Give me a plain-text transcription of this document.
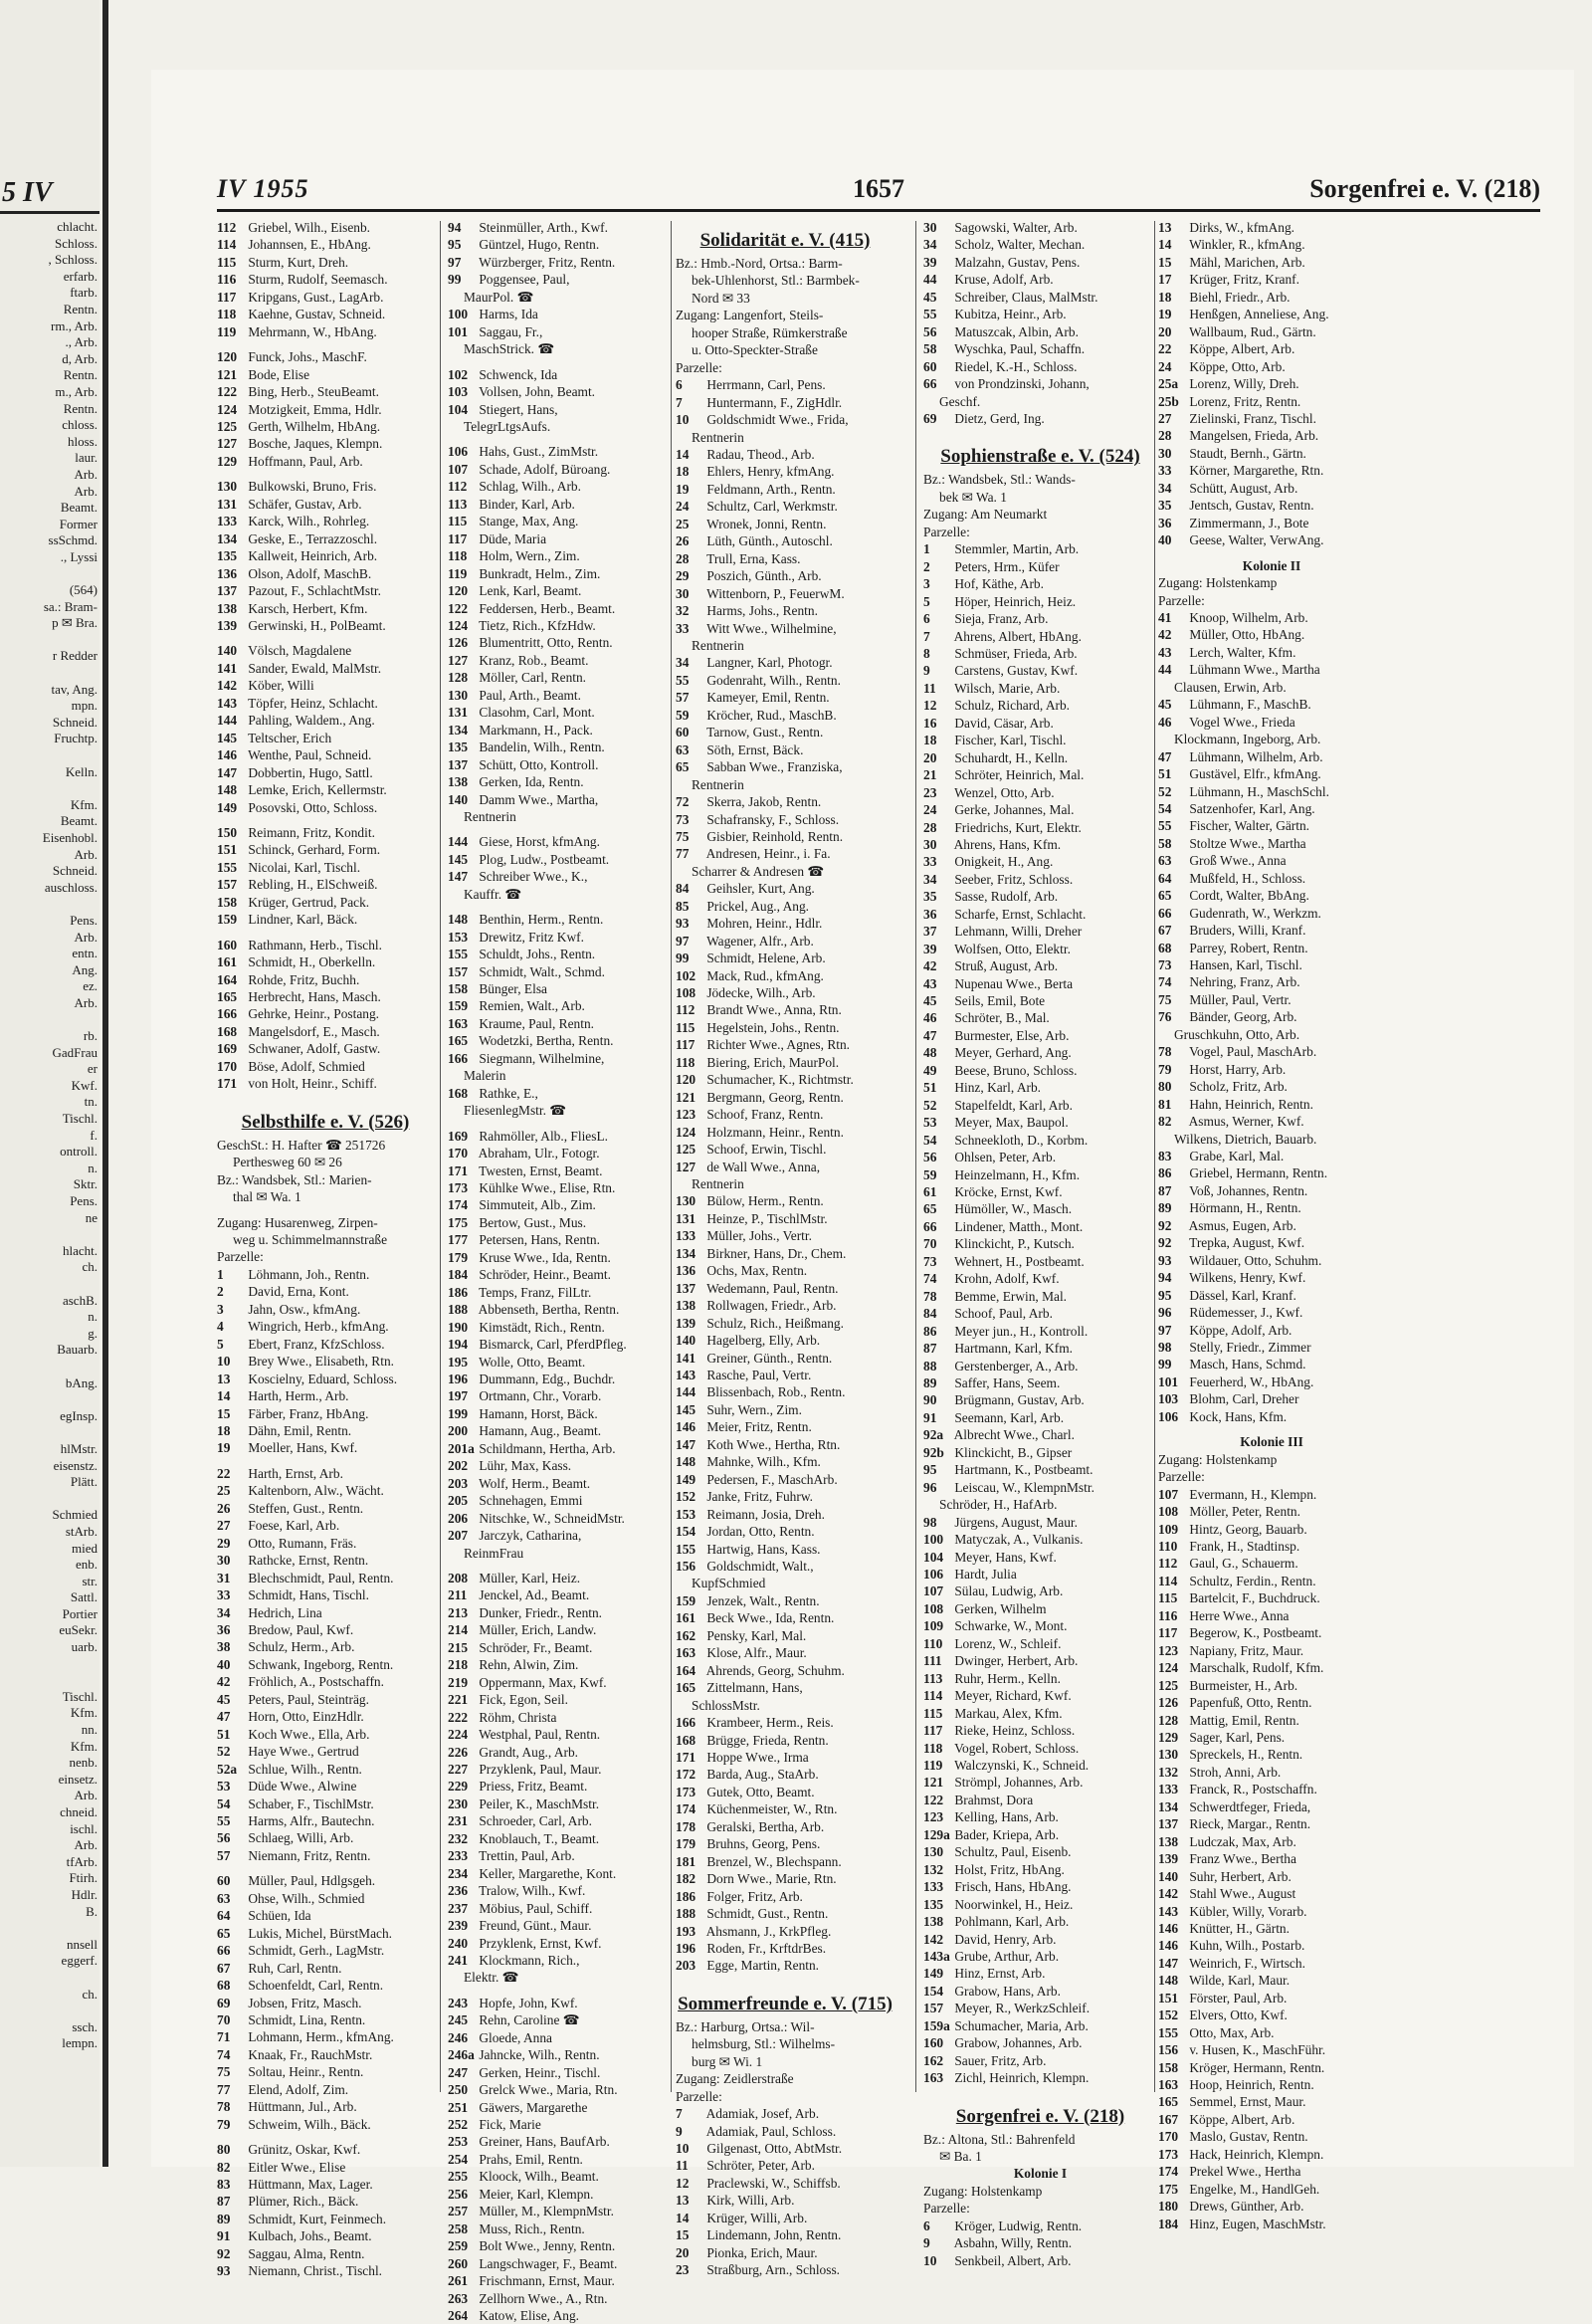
5 IV
chlacht.
Schloss.
, Schloss.
erfarb.
ftarb.
Rentn.
rm., Arb.
., Arb.
d, Arb.
Rentn.
m., Arb.
Rentn.
chloss.
hloss.
laur.
Arb.
Arb.
Beamt.
Former
ssSchmd.
., Lyssi

(564)
sa.: Bram-
p ✉ Bra.

r Redder

tav, Ang.
mpn.
Schneid.
Fruchtp.

Kelln.

Kfm.
Beamt.
Eisenhobl.
Arb.
Schneid.
auschloss.

Pens.
Arb.
entn.
Ang.
ez.
Arb.

rb.
GadFrau
er
Kwf.
tn.
Tischl.
f.
ontroll.
n.
Sktr.
Pens.
ne

hlacht.
ch.

aschB.
n.
g.
Bauarb.

bAng.

egInsp.

hlMstr.
eisenstz.
Plätt.

Schmied
stArb.
mied
enb.
str.
Sattl.
Portier
euSekr.
uarb.

Tischl.
Kfm.
nn.
Kfm.
nenb.
einsetz.
Arb.
chneid.
ischl.
Arb.
tfArb.
Ftirh.
Hdlr.
B.

nnsell
eggerf.

ch.

ssch.
lempn.
IV 1955	1657	Sorgenfrei e. V. (218)
112 Griebel, Wilh., Eisenb.
114 Johannsen, E., HbAng.
115 Sturm, Kurt, Dreh.
116 Sturm, Rudolf, Seemasch.
117 Kripgans, Gust., LagArb.
118 Kaehne, Gustav, Schneid.
119 Mehrmann, W., HbAng.
120 Funck, Johs., MaschF.
121 Bode, Elise
122 Bing, Herb., SteuBeamt.
124 Motzigkeit, Emma, Hdlr.
125 Gerth, Wilhelm, HbAng.
127 Bosche, Jaques, Klempn.
129 Hoffmann, Paul, Arb.
130 Bulkowski, Bruno, Fris.
131 Schäfer, Gustav, Arb.
133 Karck, Wilh., Rohrleg.
134 Geske, E., Terrazzoschl.
135 Kallweit, Heinrich, Arb.
136 Olson, Adolf, MaschB.
137 Pazout, F., SchlachtMstr.
138 Karsch, Herbert, Kfm.
139 Gerwinski, H., PolBeamt.
140 Völsch, Magdalene
141 Sander, Ewald, MalMstr.
142 Köber, Willi
143 Töpfer, Heinz, Schlacht.
144 Pahling, Waldem., Ang.
145 Teltscher, Erich
146 Wenthe, Paul, Schneid.
147 Dobbertin, Hugo, Sattl.
148 Lemke, Erich, Kellermstr.
149 Posovski, Otto, Schloss.
150 Reimann, Fritz, Kondit.
151 Schinck, Gerhard, Form.
155 Nicolai, Karl, Tischl.
157 Rebling, H., ElSchweiß.
158 Krüger, Gertrud, Pack.
159 Lindner, Karl, Bäck.
160 Rathmann, Herb., Tischl.
161 Schmidt, H., Oberkelln.
164 Rohde, Fritz, Buchh.
165 Herbrecht, Hans, Masch.
166 Gehrke, Heinr., Postang.
168 Mangelsdorf, E., Masch.
169 Schwaner, Adolf, Gastw.
170 Böse, Adolf, Schmied
171 von Holt, Heinr., Schiff.
Selbsthilfe e. V. (526)
GeschSt.: H. Hafter ☎ 251726
Perthesweg 60 ✉ 26
Bz.: Wandsbek, Stl.: Marien-
thal ✉ Wa. 1
Zugang: Husarenweg, Zirpen-
weg u. Schimmelmannstraße
Parzelle:
1 Löhmann, Joh., Rentn.
2 David, Erna, Kont.
3 Jahn, Osw., kfmAng.
4 Wingrich, Herb., kfmAng.
5 Ebert, Franz, KfzSchloss.
10 Brey Wwe., Elisabeth, Rtn.
13 Koscielny, Eduard, Schloss.
14 Harth, Herm., Arb.
15 Färber, Franz, HbAng.
18 Dähn, Emil, Rentn.
19 Moeller, Hans, Kwf.
22 Harth, Ernst, Arb.
25 Kaltenborn, Alw., Wächt.
26 Steffen, Gust., Rentn.
27 Foese, Karl, Arb.
29 Otto, Rumann, Fräs.
30 Rathcke, Ernst, Rentn.
31 Blechschmidt, Paul, Rentn.
33 Schmidt, Hans, Tischl.
34 Hedrich, Lina
36 Bredow, Paul, Kwf.
38 Schulz, Herm., Arb.
40 Schwank, Ingeborg, Rentn.
42 Fröhlich, A., Postschaffn.
45 Peters, Paul, Steinträg.
47 Horn, Otto, EinzHdlr.
51 Koch Wwe., Ella, Arb.
52 Haye Wwe., Gertrud
52a Schlue, Wilh., Rentn.
53 Düde Wwe., Alwine
54 Schaber, F., TischlMstr.
55 Harms, Alfr., Bautechn.
56 Schlaeg, Willi, Arb.
57 Niemann, Fritz, Rentn.
60 Müller, Paul, Hdlgsgeh.
63 Ohse, Wilh., Schmied
64 Schüen, Ida
65 Lukis, Michel, BürstMach.
66 Schmidt, Gerh., LagMstr.
67 Ruh, Carl, Rentn.
68 Schoenfeldt, Carl, Rentn.
69 Jobsen, Fritz, Masch.
70 Schmidt, Lina, Rentn.
71 Lohmann, Herm., kfmAng.
74 Knaak, Fr., RauchMstr.
75 Soltau, Heinr., Rentn.
77 Elend, Adolf, Zim.
78 Hüttmann, Jul., Arb.
79 Schweim, Wilh., Bäck.
80 Grünitz, Oskar, Kwf.
82 Eitler Wwe., Elise
83 Hüttmann, Max, Lager.
87 Plümer, Rich., Bäck.
89 Schmidt, Kurt, Feinmech.
91 Kulbach, Johs., Beamt.
92 Saggau, Alma, Rentn.
93 Niemann, Christ., Tischl.
94 Steinmüller, Arth., Kwf.
95 Güntzel, Hugo, Rentn.
97 Würzberger, Fritz, Rentn.
99 Poggensee, Paul,
MaurPol. ☎
100 Harms, Ida
101 Saggau, Fr.,
MaschStrick. ☎
102 Schwenck, Ida
103 Vollsen, John, Beamt.
104 Stiegert, Hans,
TelegrLtgsAufs.
106 Hahs, Gust., ZimMstr.
107 Schade, Adolf, Büroang.
112 Schlag, Wilh., Arb.
113 Binder, Karl, Arb.
115 Stange, Max, Ang.
117 Düde, Maria
118 Holm, Wern., Zim.
119 Bunkradt, Helm., Zim.
120 Lenk, Karl, Beamt.
122 Feddersen, Herb., Beamt.
124 Tietz, Rich., KfzHdw.
126 Blumentritt, Otto, Rentn.
127 Kranz, Rob., Beamt.
128 Möller, Carl, Rentn.
130 Paul, Arth., Beamt.
131 Clasohm, Carl, Mont.
134 Markmann, H., Pack.
135 Bandelin, Wilh., Rentn.
137 Schütt, Otto, Kontroll.
138 Gerken, Ida, Rentn.
140 Damm Wwe., Martha,
Rentnerin
144 Giese, Horst, kfmAng.
145 Plog, Ludw., Postbeamt.
147 Schreiber Wwe., K.,
Kauffr. ☎
148 Benthin, Herm., Rentn.
153 Drewitz, Fritz Kwf.
155 Schuldt, Johs., Rentn.
157 Schmidt, Walt., Schmd.
158 Bünger, Elsa
159 Remien, Walt., Arb.
163 Kraume, Paul, Rentn.
165 Wodetzki, Bertha, Rentn.
166 Siegmann, Wilhelmine,
Malerin
168 Rathke, E.,
FliesenlegMstr. ☎
169 Rahmöller, Alb., FliesL.
170 Abraham, Ulr., Fotogr.
171 Twesten, Ernst, Beamt.
173 Kühlke Wwe., Elise, Rtn.
174 Simmuteit, Alb., Zim.
175 Bertow, Gust., Mus.
177 Petersen, Hans, Rentn.
179 Kruse Wwe., Ida, Rentn.
184 Schröder, Heinr., Beamt.
186 Temps, Franz, FilLtr.
188 Abbenseth, Bertha, Rentn.
190 Kimstädt, Rich., Rentn.
194 Bismarck, Carl, PferdPfleg.
195 Wolle, Otto, Beamt.
196 Dummann, Edg., Buchdr.
197 Ortmann, Chr., Vorarb.
199 Hamann, Horst, Bäck.
200 Hamann, Aug., Beamt.
201a Schildmann, Hertha, Arb.
202 Lühr, Max, Kass.
203 Wolf, Herm., Beamt.
205 Schnehagen, Emmi
206 Nitschke, W., SchneidMstr.
207 Jarczyk, Catharina,
ReinmFrau
208 Müller, Karl, Heiz.
211 Jenckel, Ad., Beamt.
213 Dunker, Friedr., Rentn.
214 Müller, Erich, Landw.
215 Schröder, Fr., Beamt.
218 Rehn, Alwin, Zim.
219 Oppermann, Max, Kwf.
221 Fick, Egon, Seil.
222 Röhm, Christa
224 Westphal, Paul, Rentn.
226 Grandt, Aug., Arb.
227 Przyklenk, Paul, Maur.
229 Priess, Fritz, Beamt.
230 Peiler, K., MaschMstr.
231 Schroeder, Carl, Arb.
232 Knoblauch, T., Beamt.
233 Trettin, Paul, Arb.
234 Keller, Margarethe, Kont.
236 Tralow, Wilh., Kwf.
237 Möbius, Paul, Schiff.
239 Freund, Günt., Maur.
240 Przyklenk, Ernst, Kwf.
241 Klockmann, Rich.,
Elektr. ☎
243 Hopfe, John, Kwf.
245 Rehn, Caroline ☎
246 Gloede, Anna
246a Jahncke, Wilh., Rentn.
247 Gerken, Heinr., Tischl.
250 Grelck Wwe., Maria, Rtn.
251 Gäwers, Margarethe
252 Fick, Marie
253 Greiner, Hans, BaufArb.
254 Prahs, Emil, Rentn.
255 Kloock, Wilh., Beamt.
256 Meier, Karl, Klempn.
257 Müller, M., KlempnMstr.
258 Muss, Rich., Rentn.
259 Bolt Wwe., Jenny, Rentn.
260 Langschwager, F., Beamt.
261 Frischmann, Ernst, Maur.
263 Zellhorn Wwe., A., Rtn.
264 Katow, Elise, Ang.
Solidarität e. V. (415)
Bz.: Hmb.-Nord, Ortsa.: Barm-
bek-Uhlenhorst, Stl.: Barmbek-
Nord ✉ 33
Zugang: Langenfort, Steils-
hooper Straße, Rümkerstraße
u. Otto-Speckter-Straße
Parzelle:
6 Herrmann, Carl, Pens.
7 Huntermann, F., ZigHdlr.
10 Goldschmidt Wwe., Frida,
Rentnerin
14 Radau, Theod., Arb.
18 Ehlers, Henry, kfmAng.
19 Feldmann, Arth., Rentn.
24 Schultz, Carl, Werkmstr.
25 Wronek, Jonni, Rentn.
26 Lüth, Günth., Autoschl.
28 Trull, Erna, Kass.
29 Poszich, Günth., Arb.
30 Wittenborn, P., FeuerwM.
32 Harms, Johs., Rentn.
33 Witt Wwe., Wilhelmine,
Rentnerin
34 Langner, Karl, Photogr.
55 Godenraht, Wilh., Rentn.
57 Kameyer, Emil, Rentn.
59 Kröcher, Rud., MaschB.
60 Tarnow, Gust., Rentn.
63 Söth, Ernst, Bäck.
65 Sabban Wwe., Franziska,
Rentnerin
72 Skerra, Jakob, Rentn.
73 Schafransky, F., Schloss.
75 Gisbier, Reinhold, Rentn.
77 Andresen, Heinr., i. Fa.
Scharrer & Andresen ☎
84 Geihsler, Kurt, Ang.
85 Prickel, Aug., Ang.
93 Mohren, Heinr., Hdlr.
97 Wagener, Alfr., Arb.
99 Schmidt, Helene, Arb.
102 Mack, Rud., kfmAng.
108 Jödecke, Wilh., Arb.
112 Brandt Wwe., Anna, Rtn.
115 Hegelstein, Johs., Rentn.
117 Richter Wwe., Agnes, Rtn.
118 Biering, Erich, MaurPol.
120 Schumacher, K., Richtmstr.
121 Bergmann, Georg, Rentn.
123 Schoof, Franz, Rentn.
124 Holzmann, Heinr., Rentn.
125 Schoof, Erwin, Tischl.
127 de Wall Wwe., Anna,
Rentnerin
130 Bülow, Herm., Rentn.
131 Heinze, P., TischlMstr.
133 Müller, Johs., Vertr.
134 Birkner, Hans, Dr., Chem.
136 Ochs, Max, Rentn.
137 Wedemann, Paul, Rentn.
138 Rollwagen, Friedr., Arb.
139 Schulz, Rich., Heißmang.
140 Hagelberg, Elly, Arb.
141 Greiner, Günth., Rentn.
143 Rasche, Paul, Vertr.
144 Blissenbach, Rob., Rentn.
145 Suhr, Wern., Zim.
146 Meier, Fritz, Rentn.
147 Koth Wwe., Hertha, Rtn.
148 Mahnke, Wilh., Kfm.
149 Pedersen, F., MaschArb.
152 Janke, Fritz, Fuhrw.
153 Reimann, Josia, Dreh.
154 Jordan, Otto, Rentn.
155 Hartwig, Hans, Kass.
156 Goldschmidt, Walt.,
KupfSchmied
159 Jenzek, Walt., Rentn.
161 Beck Wwe., Ida, Rentn.
162 Pensky, Karl, Mal.
163 Klose, Alfr., Maur.
164 Ahrends, Georg, Schuhm.
165 Zittelmann, Hans,
SchlossMstr.
166 Krambeer, Herm., Reis.
168 Brügge, Frieda, Rentn.
171 Hoppe Wwe., Irma
172 Barda, Aug., StaArb.
173 Gutek, Otto, Beamt.
174 Küchenmeister, W., Rtn.
178 Geralski, Bertha, Arb.
179 Bruhns, Georg, Pens.
181 Brenzel, W., Blechspann.
182 Dorn Wwe., Marie, Rtn.
186 Folger, Fritz, Arb.
188 Schmidt, Gust., Rentn.
193 Ahsmann, J., KrkPfleg.
196 Roden, Fr., KrftdrBes.
203 Egge, Martin, Rentn.
Sommerfreunde e. V. (715)
Bz.: Harburg, Ortsa.: Wil-
helmsburg, Stl.: Wilhelms-
burg ✉ Wi. 1
Zugang: Zeidlerstraße
Parzelle:
7 Adamiak, Josef, Arb.
9 Adamiak, Paul, Schloss.
10 Gilgenast, Otto, AbtMstr.
11 Schröter, Peter, Arb.
12 Praclewski, W., Schiffsb.
13 Kirk, Willi, Arb.
14 Krüger, Willi, Arb.
15 Lindemann, John, Rentn.
20 Pionka, Erich, Maur.
23 Straßburg, Arn., Schloss.
30 Sagowski, Walter, Arb.
34 Scholz, Walter, Mechan.
39 Malzahn, Gustav, Pens.
44 Kruse, Adolf, Arb.
45 Schreiber, Claus, MalMstr.
55 Kubitza, Heinr., Arb.
56 Matuszcak, Albin, Arb.
58 Wyschka, Paul, Schaffn.
60 Riedel, K.-H., Schloss.
66 von Prondzinski, Johann,
Geschf.
69 Dietz, Gerd, Ing.
Sophienstraße e. V. (524)
Bz.: Wandsbek, Stl.: Wands-
bek ✉ Wa. 1
Zugang: Am Neumarkt
Parzelle:
1 Stemmler, Martin, Arb.
2 Peters, Hrm., Küfer
3 Hof, Käthe, Arb.
5 Höper, Heinrich, Heiz.
6 Sieja, Franz, Arb.
7 Ahrens, Albert, HbAng.
8 Schmüser, Frieda, Arb.
9 Carstens, Gustav, Kwf.
11 Wilsch, Marie, Arb.
12 Schulz, Richard, Arb.
16 David, Cäsar, Arb.
18 Fischer, Karl, Tischl.
20 Schuhardt, H., Kelln.
21 Schröter, Heinrich, Mal.
23 Wenzel, Otto, Arb.
24 Gerke, Johannes, Mal.
28 Friedrichs, Kurt, Elektr.
30 Ahrens, Hans, Kfm.
33 Onigkeit, H., Ang.
34 Seeber, Fritz, Schloss.
35 Sasse, Rudolf, Arb.
36 Scharfe, Ernst, Schlacht.
37 Lehmann, Willi, Dreher
39 Wolfsen, Otto, Elektr.
42 Struß, August, Arb.
43 Nupenau Wwe., Berta
45 Seils, Emil, Bote
46 Schröter, B., Mal.
47 Burmester, Else, Arb.
48 Meyer, Gerhard, Ang.
49 Beese, Bruno, Schloss.
51 Hinz, Karl, Arb.
52 Stapelfeldt, Karl, Arb.
53 Meyer, Max, Baupol.
54 Schneekloth, D., Korbm.
56 Ohlsen, Peter, Arb.
59 Heinzelmann, H., Kfm.
61 Kröcke, Ernst, Kwf.
65 Hümöller, W., Masch.
66 Lindener, Matth., Mont.
70 Klinckicht, P., Kutsch.
73 Wehnert, H., Postbeamt.
74 Krohn, Adolf, Kwf.
78 Bemme, Erwin, Mal.
84 Schoof, Paul, Arb.
86 Meyer jun., H., Kontroll.
87 Hartmann, Karl, Kfm.
88 Gerstenberger, A., Arb.
89 Saffer, Hans, Seem.
90 Brügmann, Gustav, Arb.
91 Seemann, Karl, Arb.
92a Albrecht Wwe., Charl.
92b Klinckicht, B., Gipser
95 Hartmann, K., Postbeamt.
96 Leiscau, W., KlempnMstr.
Schröder, H., HafArb.
98 Jürgens, August, Maur.
100 Matyczak, A., Vulkanis.
104 Meyer, Hans, Kwf.
106 Hardt, Julia
107 Sülau, Ludwig, Arb.
108 Gerken, Wilhelm
109 Schwarke, W., Mont.
110 Lorenz, W., Schleif.
111 Dwinger, Herbert, Arb.
113 Ruhr, Herm., Kelln.
114 Meyer, Richard, Kwf.
115 Markau, Alex, Kfm.
117 Rieke, Heinz, Schloss.
118 Vogel, Robert, Schloss.
119 Walczynski, K., Schneid.
121 Strömpl, Johannes, Arb.
122 Brahmst, Dora
123 Kelling, Hans, Arb.
129a Bader, Kriepa, Arb.
130 Schultz, Paul, Eisenb.
132 Holst, Fritz, HbAng.
133 Frisch, Hans, HbAng.
135 Noorwinkel, H., Heiz.
138 Pohlmann, Karl, Arb.
142 David, Henry, Arb.
143a Grube, Arthur, Arb.
149 Hinz, Ernst, Arb.
154 Grabow, Hans, Arb.
157 Meyer, R., WerkzSchleif.
159a Schumacher, Maria, Arb.
160 Grabow, Johannes, Arb.
162 Sauer, Fritz, Arb.
163 Zichl, Heinrich, Klempn.
Sorgenfrei e. V. (218)
Bz.: Altona, Stl.: Bahrenfeld
✉ Ba. 1
Kolonie I
Zugang: Holstenkamp
Parzelle:
6 Kröger, Ludwig, Rentn.
9 Asbahn, Willy, Rentn.
10 Senkbeil, Albert, Arb.
13 Dirks, W., kfmAng.
14 Winkler, R., kfmAng.
15 Mähl, Marichen, Arb.
17 Krüger, Fritz, Kranf.
18 Biehl, Friedr., Arb.
19 Henßgen, Anneliese, Ang.
20 Wallbaum, Rud., Gärtn.
22 Köppe, Albert, Arb.
24 Köppe, Otto, Arb.
25a Lorenz, Willy, Dreh.
25b Lorenz, Fritz, Rentn.
27 Zielinski, Franz, Tischl.
28 Mangelsen, Frieda, Arb.
30 Staudt, Bernh., Gärtn.
33 Körner, Margarethe, Rtn.
34 Schütt, August, Arb.
35 Jentsch, Gustav, Rentn.
36 Zimmermann, J., Bote
40 Geese, Walter, VerwAng.
Kolonie II
Zugang: Holstenkamp
Parzelle:
41 Knoop, Wilhelm, Arb.
42 Müller, Otto, HbAng.
43 Lerch, Walter, Kfm.
44 Lühmann Wwe., Martha
Clausen, Erwin, Arb.
45 Lühmann, F., MaschB.
46 Vogel Wwe., Frieda
Klockmann, Ingeborg, Arb.
47 Lühmann, Wilhelm, Arb.
51 Gustävel, Elfr., kfmAng.
52 Lühmann, H., MaschSchl.
54 Satzenhofer, Karl, Ang.
55 Fischer, Walter, Gärtn.
58 Stoltze Wwe., Martha
63 Groß Wwe., Anna
64 Mußfeld, H., Schloss.
65 Cordt, Walter, BbAng.
66 Gudenrath, W., Werkzm.
67 Bruders, Willi, Kranf.
68 Parrey, Robert, Rentn.
73 Hansen, Karl, Tischl.
74 Nehring, Franz, Arb.
75 Müller, Paul, Vertr.
76 Bänder, Georg, Arb.
Gruschkuhn, Otto, Arb.
78 Vogel, Paul, MaschArb.
79 Horst, Harry, Arb.
80 Scholz, Fritz, Arb.
81 Hahn, Heinrich, Rentn.
82 Asmus, Werner, Kwf.
Wilkens, Dietrich, Bauarb.
83 Grabe, Karl, Mal.
86 Griebel, Hermann, Rentn.
87 Voß, Johannes, Rentn.
89 Hörmann, H., Rentn.
92 Asmus, Eugen, Arb.
92 Trepka, August, Kwf.
93 Wildauer, Otto, Schuhm.
94 Wilkens, Henry, Kwf.
95 Dässel, Karl, Kranf.
96 Rüdemesser, J., Kwf.
97 Köppe, Adolf, Arb.
98 Stelly, Friedr., Zimmer
99 Masch, Hans, Schmd.
101 Feuerherd, W., HbAng.
103 Blohm, Carl, Dreher
106 Kock, Hans, Kfm.
Kolonie III
Zugang: Holstenkamp
Parzelle:
107 Evermann, H., Klempn.
108 Möller, Peter, Rentn.
109 Hintz, Georg, Bauarb.
110 Frank, H., Stadtinsp.
112 Gaul, G., Schauerm.
114 Schultz, Ferdin., Rentn.
115 Bartelcit, F., Buchdruck.
116 Herre Wwe., Anna
117 Begerow, K., Postbeamt.
123 Napiany, Fritz, Maur.
124 Marschalk, Rudolf, Kfm.
125 Burmeister, H., Arb.
126 Papenfuß, Otto, Rentn.
128 Mattig, Emil, Rentn.
129 Sager, Karl, Pens.
130 Spreckels, H., Rentn.
132 Stroh, Anni, Arb.
133 Franck, R., Postschaffn.
134 Schwerdtfeger, Frieda,
137 Rieck, Margar., Rentn.
138 Ludczak, Max, Arb.
139 Franz Wwe., Bertha
140 Suhr, Herbert, Arb.
142 Stahl Wwe., August
143 Kübler, Willy, Vorarb.
146 Knütter, H., Gärtn.
146 Kuhn, Wilh., Postarb.
147 Weinrich, F., Wirtsch.
148 Wilde, Karl, Maur.
151 Förster, Paul, Arb.
152 Elvers, Otto, Kwf.
155 Otto, Max, Arb.
156 v. Husen, K., MaschFühr.
158 Kröger, Hermann, Rentn.
163 Hoop, Heinrich, Rentn.
165 Semmel, Ernst, Maur.
167 Köppe, Albert, Arb.
170 Maslo, Gustav, Rentn.
173 Hack, Heinrich, Klempn.
174 Prekel Wwe., Hertha
175 Engelke, M., HandlGeh.
180 Drews, Günther, Arb.
184 Hinz, Eugen, MaschMstr.
